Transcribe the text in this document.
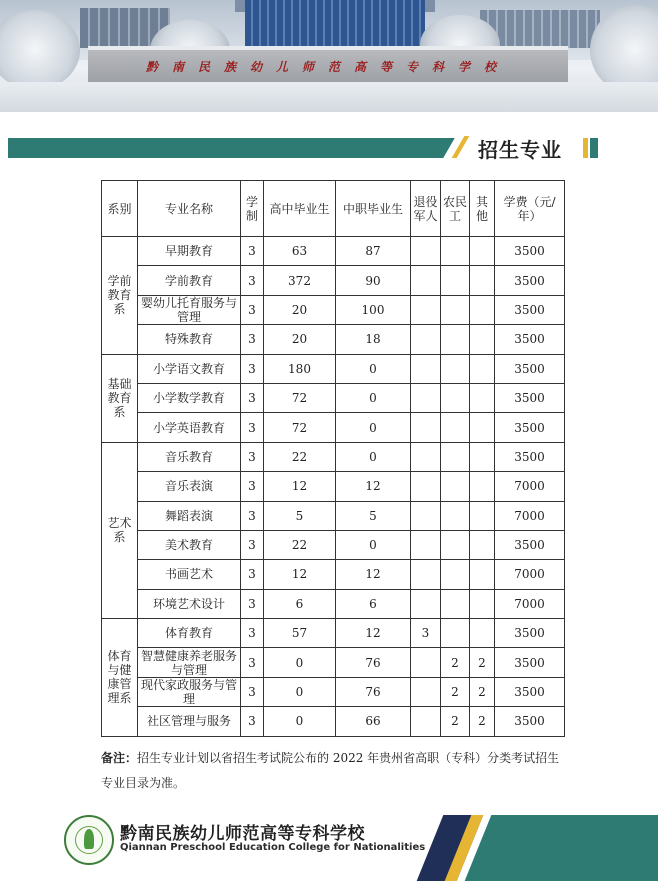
黔南民族幼儿师范高等专科学校
招生专业
系别	专业名称	学制	高中毕业生	中职毕业生	退役军人	农民工	其他	学费（元/年）
学前教育系	早期教育	3	63	87				3500
	学前教育	3	372	90				3500
	婴幼儿托育服务与管理	3	20	100				3500
	特殊教育	3	20	18				3500
基础教育系	小学语文教育	3	180	0				3500
	小学数学教育	3	72	0				3500
	小学英语教育	3	72	0				3500
艺术系	音乐教育	3	22	0				3500
	音乐表演	3	12	12				7000
	舞蹈表演	3	5	5				7000
	美术教育	3	22	0				3500
	书画艺术	3	12	12				7000
	环境艺术设计	3	6	6				7000
体育与健康管理系	体育教育	3	57	12	3			3500
	智慧健康养老服务与管理	3	0	76		2	2	3500
	现代家政服务与管理	3	0	76		2	2	3500
	社区管理与服务	3	0	66		2	2	3500
备注：招生专业计划以省招生考试院公布的 2022 年贵州省高职（专科）分类考试招生专业目录为准。
黔南民族幼儿师范高等专科学校
Qiannan Preschool Education College for Nationalities
